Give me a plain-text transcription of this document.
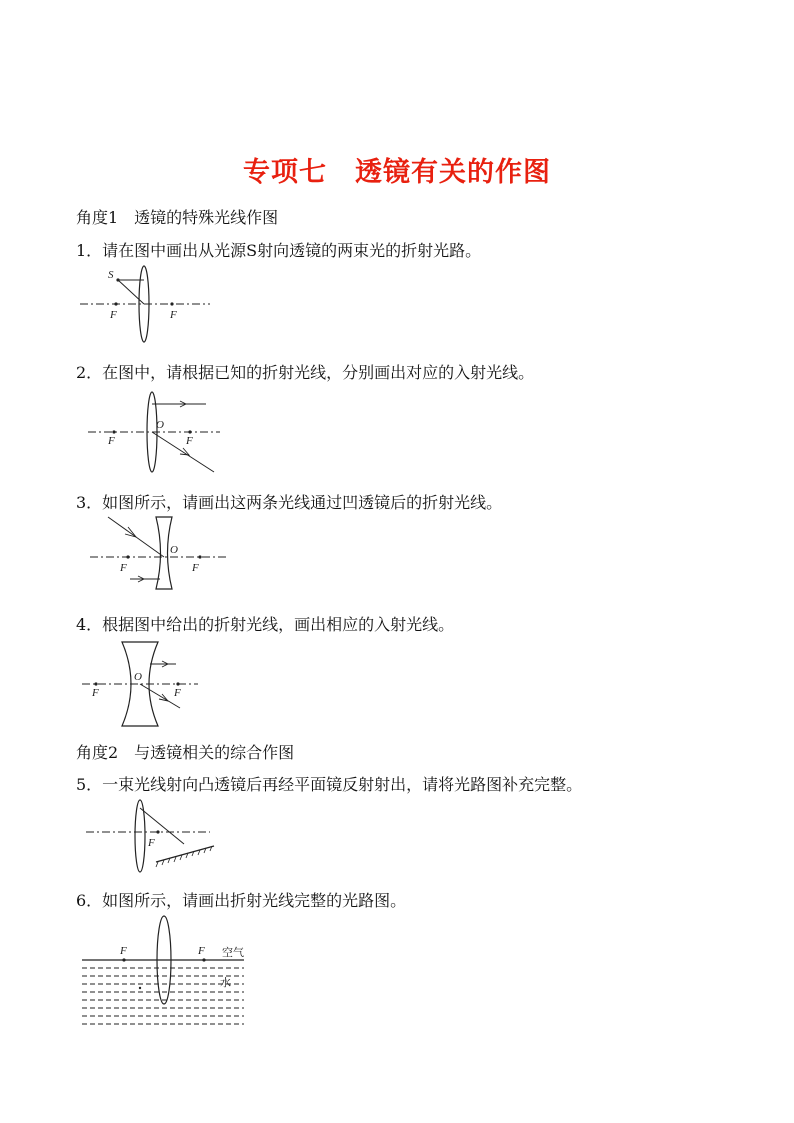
专项七　透镜有关的作图
角度1　透镜的特殊光线作图
1．请在图中画出从光源S射向透镜的两束光的折射光路。
S
F	F
2．在图中，请根据已知的折射光线，分别画出对应的入射光线。
F	F
O
3．如图所示，请画出这两条光线通过凹透镜后的折射光线。
F	F
O
4．根据图中给出的折射光线，画出相应的入射光线。
F	F
O
角度2　与透镜相关的综合作图
5．一束光线射向凸透镜后再经平面镜反射射出，请将光路图补充完整。
F
6．如图所示，请画出折射光线完整的光路图。
F	F 空气
水
